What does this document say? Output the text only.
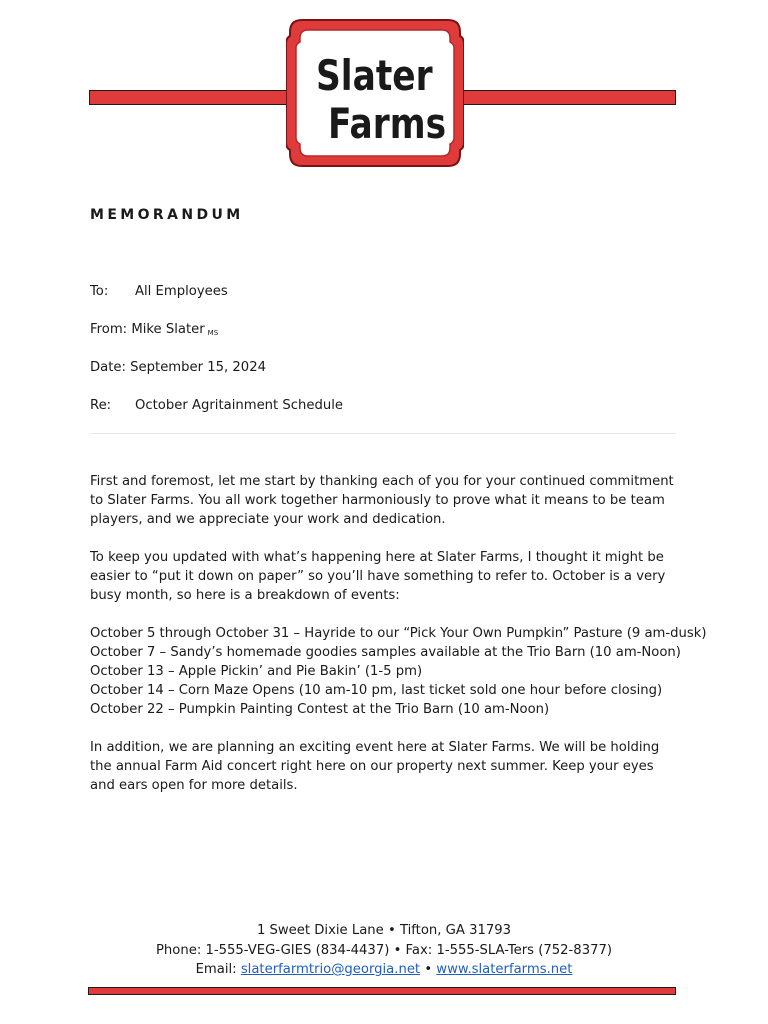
Slater
Farms
MEMORANDUM
To: All Employees
From: Mike Slater MS
Date: September 15, 2024
Re: October Agritainment Schedule

First and foremost, let me start by thanking each of you for your continued commitment to Slater Farms. You all work together harmoniously to prove what it means to be team players, and we appreciate your work and dedication.

To keep you updated with what’s happening here at Slater Farms, I thought it might be easier to “put it down on paper” so you’ll have something to refer to. October is a very busy month, so here is a breakdown of events:

October 5 through October 31 – Hayride to our “Pick Your Own Pumpkin” Pasture (9 am-dusk)
October 7 – Sandy’s homemade goodies samples available at the Trio Barn (10 am-Noon)
October 13 – Apple Pickin’ and Pie Bakin’ (1-5 pm)
October 14 – Corn Maze Opens (10 am-10 pm, last ticket sold one hour before closing)
October 22 – Pumpkin Painting Contest at the Trio Barn (10 am-Noon)

In addition, we are planning an exciting event here at Slater Farms. We will be holding the annual Farm Aid concert right here on our property next summer. Keep your eyes and ears open for more details.

1 Sweet Dixie Lane • Tifton, GA 31793
Phone: 1-555-VEG-GIES (834-4437) • Fax: 1-555-SLA-Ters (752-8377)
Email: slaterfarmtrio@georgia.net • www.slaterfarms.net
